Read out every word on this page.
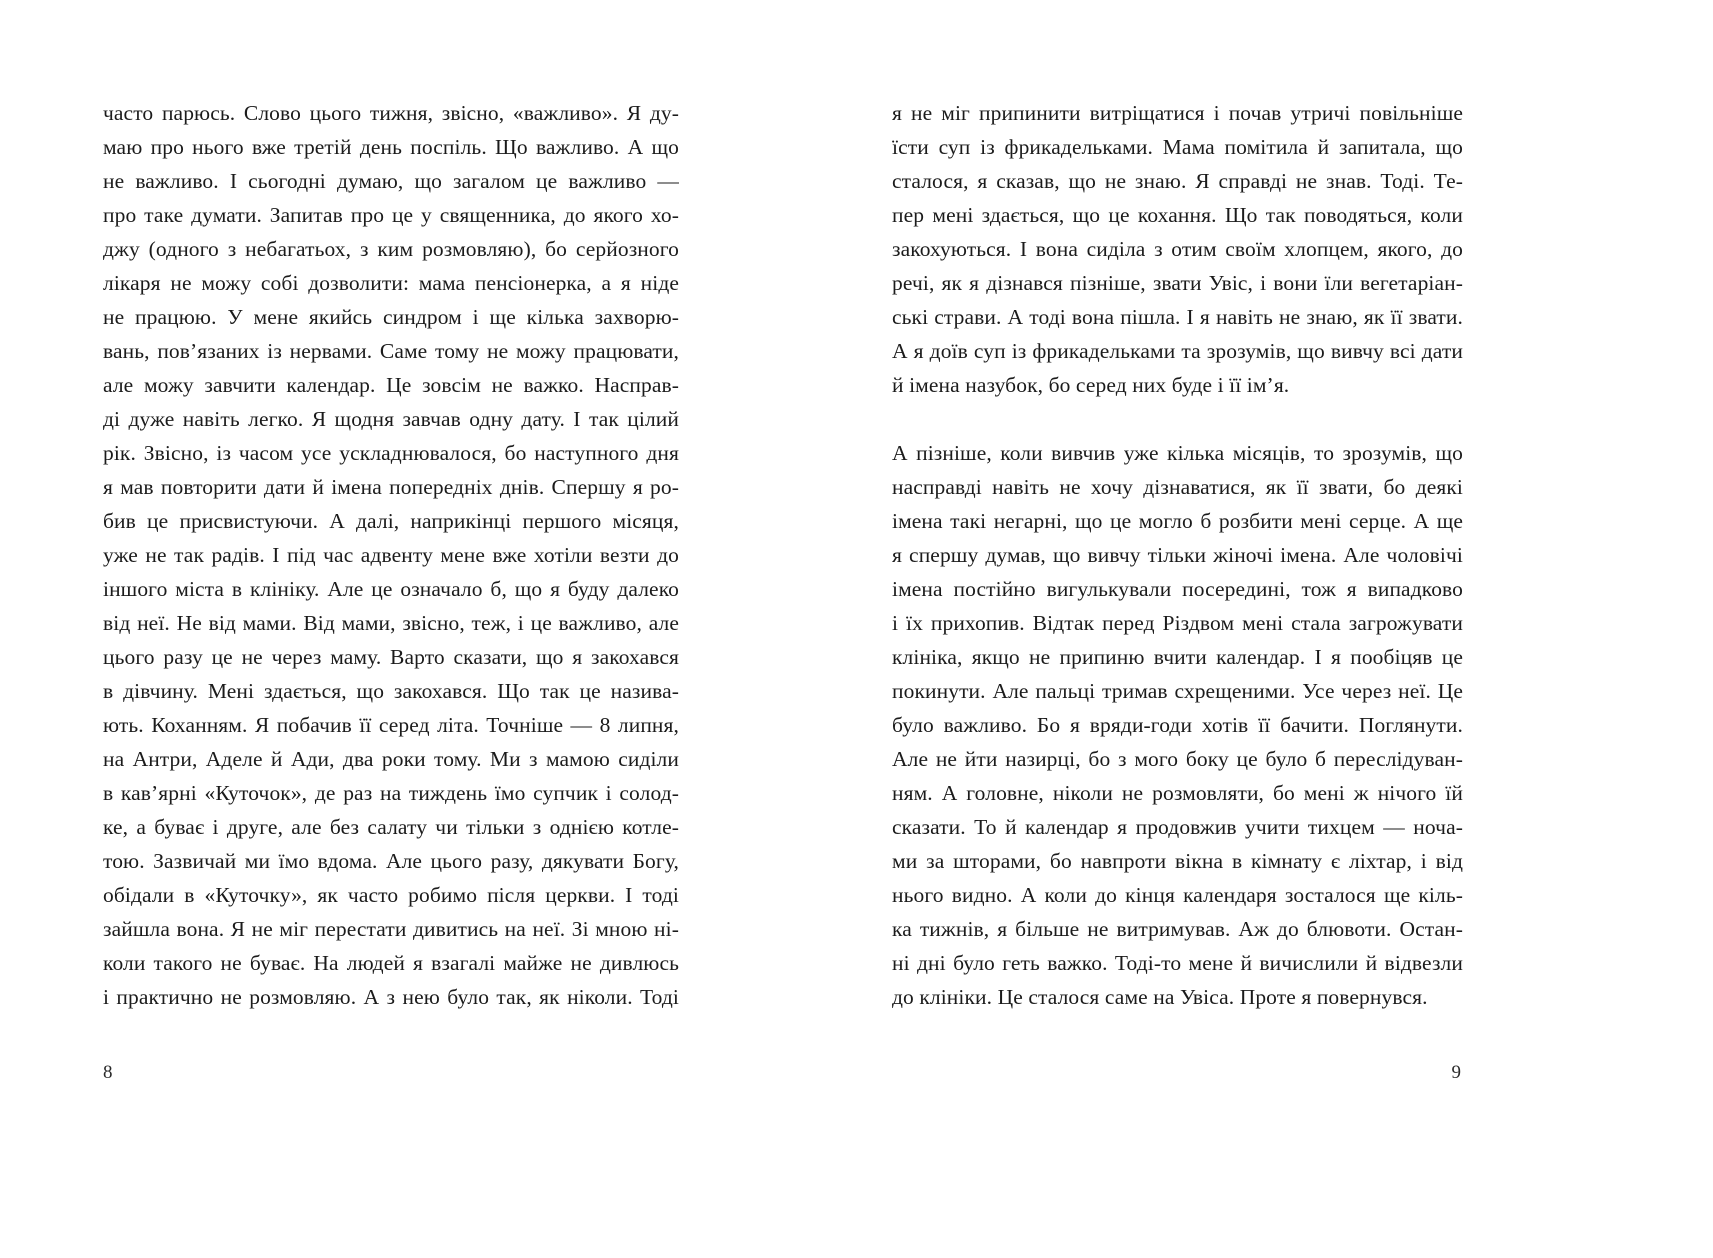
часто парюсь. Слово цього тижня, звісно, «важливо». Я ду-
маю про нього вже третій день поспіль. Що важливо. А що
не важливо. І сьогодні думаю, що загалом це важливо —
про таке думати. Запитав про це у священника, до якого хо-
джу (одного з небагатьох, з ким розмовляю), бо серйозного
лікаря не можу собі дозволити: мама пенсіонерка, а я ніде
не працюю. У мене якийсь синдром і ще кілька захворю-
вань, пов’язаних із нервами. Саме тому не можу працювати,
але можу завчити календар. Це зовсім не важко. Насправ-
ді дуже навіть легко. Я щодня завчав одну дату. І так цілий
рік. Звісно, із часом усе ускладнювалося, бо наступного дня
я мав повторити дати й імена попередніх днів. Спершу я ро-
бив це присвистуючи. А далі, наприкінці першого місяця,
уже не так радів. І під час адвенту мене вже хотіли везти до
іншого міста в клініку. Але це означало б, що я буду далеко
від неї. Не від мами. Від мами, звісно, теж, і це важливо, але
цього разу це не через маму. Варто сказати, що я закохався
в дівчину. Мені здається, що закохався. Що так це назива-
ють. Коханням. Я побачив її серед літа. Точніше — 8 липня,
на Антри, Аделе й Ади, два роки тому. Ми з мамою сиділи
в кав’ярні «Куточок», де раз на тиждень їмо супчик і солод-
ке, а буває і друге, але без салату чи тільки з однією котле-
тою. Зазвичай ми їмо вдома. Але цього разу, дякувати Богу,
обідали в «Куточку», як часто робимо після церкви. І тоді
зайшла вона. Я не міг перестати дивитись на неї. Зі мною ні-
коли такого не буває. На людей я взагалі майже не дивлюсь
і практично не розмовляю. А з нею було так, як ніколи. Тоді
8
я не міг припинити витріщатися і почав утричі повільніше
їсти суп із фрикадельками. Мама помітила й запитала, що
сталося, я сказав, що не знаю. Я справді не знав. Тоді. Те-
пер мені здається, що це кохання. Що так поводяться, коли
закохуються. І вона сиділа з отим своїм хлопцем, якого, до
речі, як я дізнався пізніше, звати Увіс, і вони їли вегетаріан-
ські страви. А тоді вона пішла. І я навіть не знаю, як її звати.
А я доїв суп із фрикадельками та зрозумів, що вивчу всі дати
й імена назубок, бо серед них буде і її ім’я.
А пізніше, коли вивчив уже кілька місяців, то зрозумів, що
насправді навіть не хочу дізнаватися, як її звати, бо деякі
імена такі негарні, що це могло б розбити мені серце. А ще
я спершу думав, що вивчу тільки жіночі імена. Але чоловічі
імена постійно вигулькували посередині, тож я випадково
і їх прихопив. Відтак перед Різдвом мені стала загрожувати
клініка, якщо не припиню вчити календар. І я пообіцяв це
покинути. Але пальці тримав схрещеними. Усе через неї. Це
було важливо. Бо я вряди-годи хотів її бачити. Поглянути.
Але не йти назирці, бо з мого боку це було б переслідуван-
ням. А головне, ніколи не розмовляти, бо мені ж нічого їй
сказати. То й календар я продовжив учити тихцем — ноча-
ми за шторами, бо навпроти вікна в кімнату є ліхтар, і від
нього видно. А коли до кінця календаря зосталося ще кіль-
ка тижнів, я більше не витримував. Аж до блювоти. Остан-
ні дні було геть важко. Тоді-то мене й вичислили й відвезли
до клініки. Це сталося саме на Увіса. Проте я повернувся.
9
